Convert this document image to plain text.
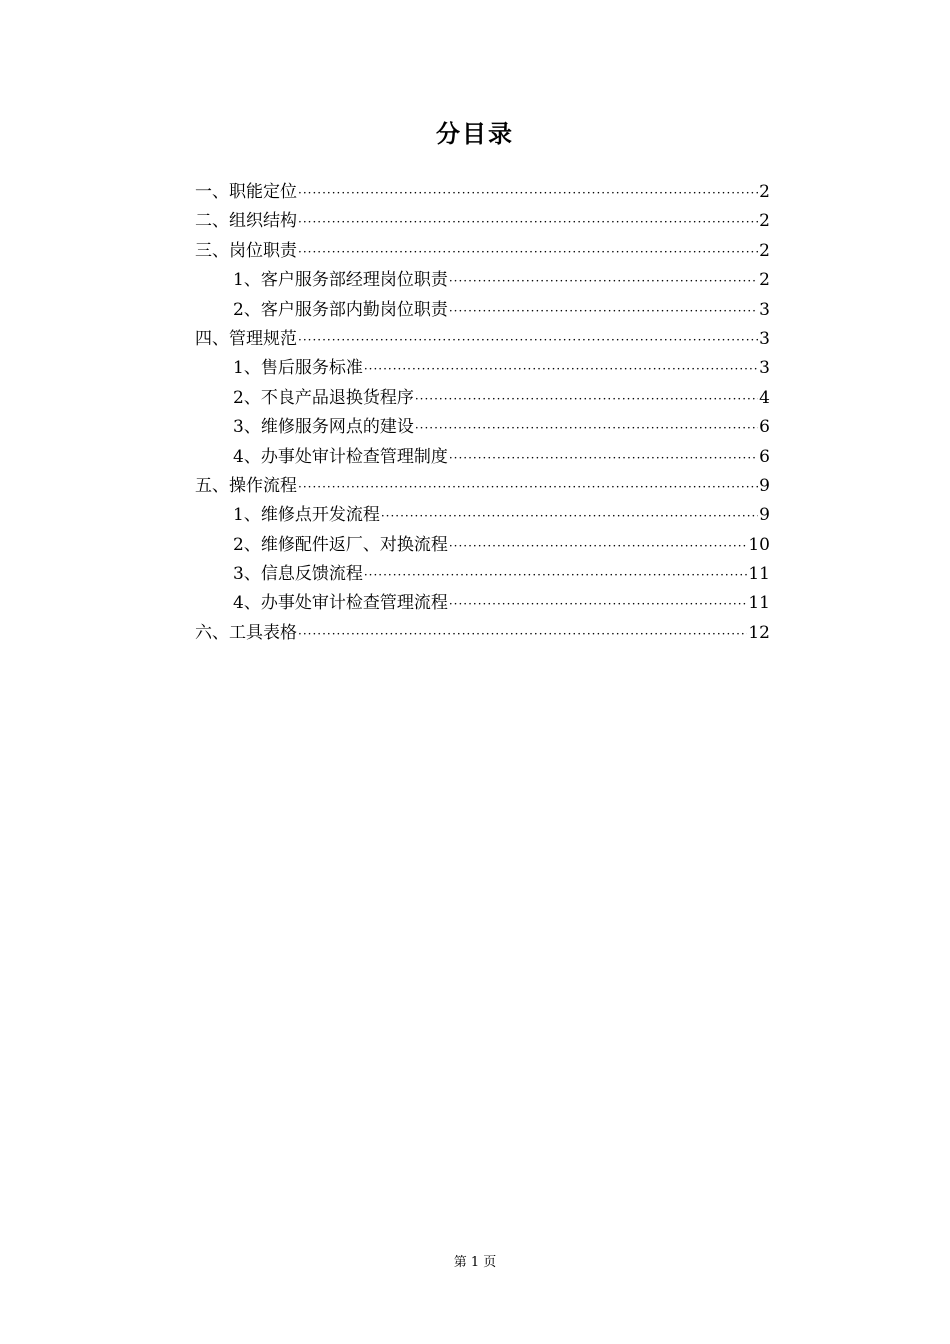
分目录
一、职能定位 ·····	2
二、组织结构 ·····	2
三、岗位职责 ·····	2
1、客户服务部经理岗位职责 ·····	2
2、客户服务部内勤岗位职责 ·····	3
四、管理规范 ·····	3
1、售后服务标准 ·····	3
2、不良产品退换货程序 ·····	4
3、维修服务网点的建设 ·····	6
4、办事处审计检查管理制度 ·····	6
五、操作流程 ·····	9
1、维修点开发流程 ·····	9
2、维修配件返厂、对换流程 ·····	10
3、信息反馈流程 ·····	11
4、办事处审计检查管理流程 ·····	11
六、工具表格 ·····	12
第 1 页
